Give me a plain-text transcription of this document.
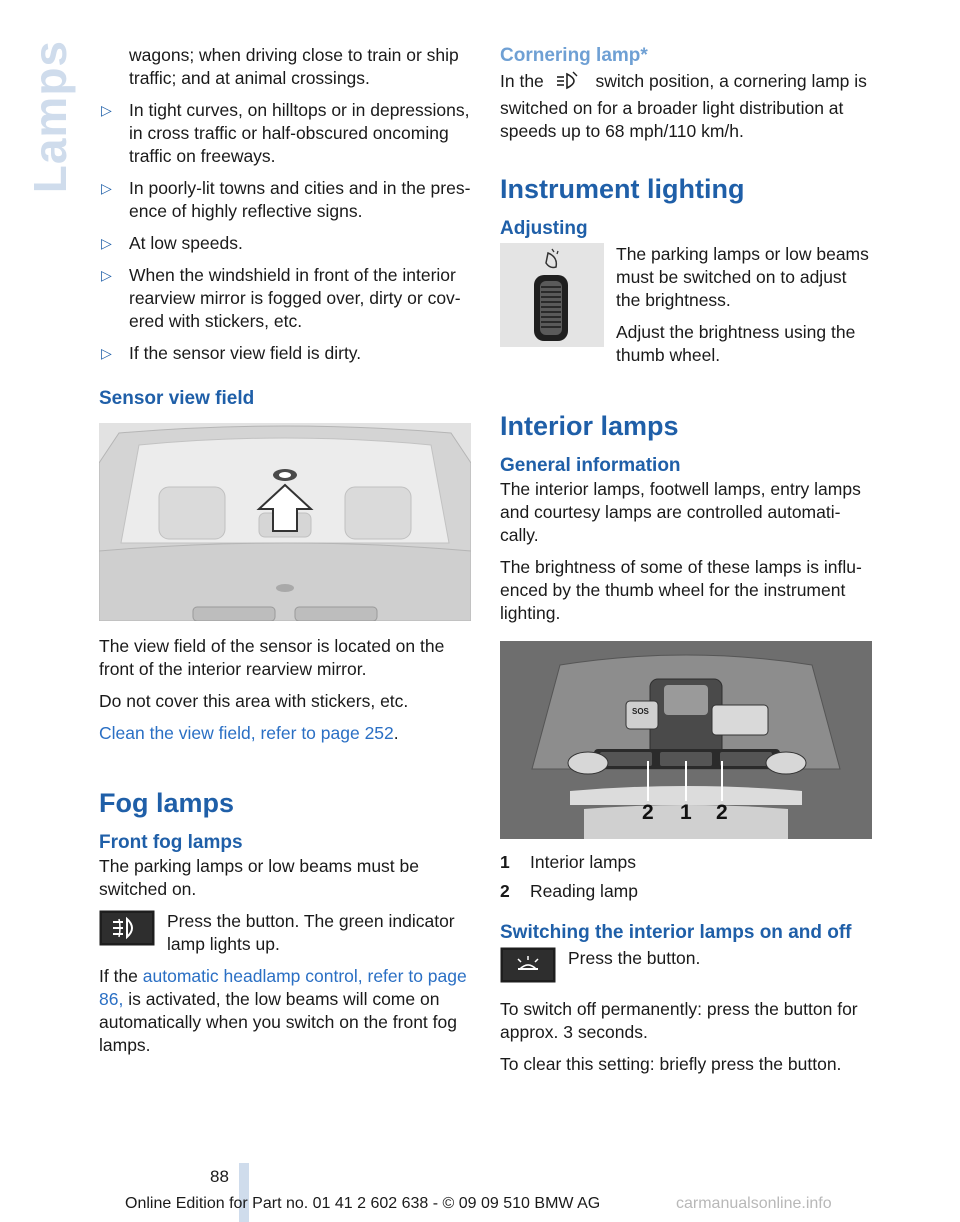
Lamps	wagons; when driving close to train or ship traffic; and at animal crossings.
▷ In tight curves, on hilltops or in depressions, in cross traffic or half-obscured oncoming traffic on freeways.
▷ In poorly-lit towns and cities and in the pres-ence of highly reflective signs.
▷ At low speeds.
▷ When the windshield in front of the interior rearview mirror is fogged over, dirty or cov-ered with stickers, etc.
▷ If the sensor view field is dirty.
Sensor view field

The view field of the sensor is located on the front of the interior rearview mirror.

Do not cover this area with stickers, etc.

Clean the view field, refer to page 252.

Fog lamps
Front fog lamps

The parking lamps or low beams must be switched on.

Press the button. The green indicator lamp lights up.

If the automatic headlamp control, refer to page 86, is activated, the low beams will come on automatically when you switch on the front fog lamps.

Cornering lamp*

In the	switch position, a cornering lamp is switched on for a broader light distribution at speeds up to 68 mph/110 km/h.

Instrument lighting
Adjusting

The parking lamps or low beams must be switched on to adjust the brightness.

Adjust the brightness using the thumb wheel.

Interior lamps
General information

The interior lamps, footwell lamps, entry lamps and courtesy lamps are controlled automati-cally.

The brightness of some of these lamps is influ-enced by the thumb wheel for the instrument lighting.

SOS
2 1 2
1	Interior lamps
2	Reading lamp
Switching the interior lamps on and off
Press the button.

To switch off permanently: press the button for approx. 3 seconds.

To clear this setting: briefly press the button.

88
Online Edition for Part no. 01 41 2 602 638 - © 09 09 510 BMW AG	carmanualsonline.info
